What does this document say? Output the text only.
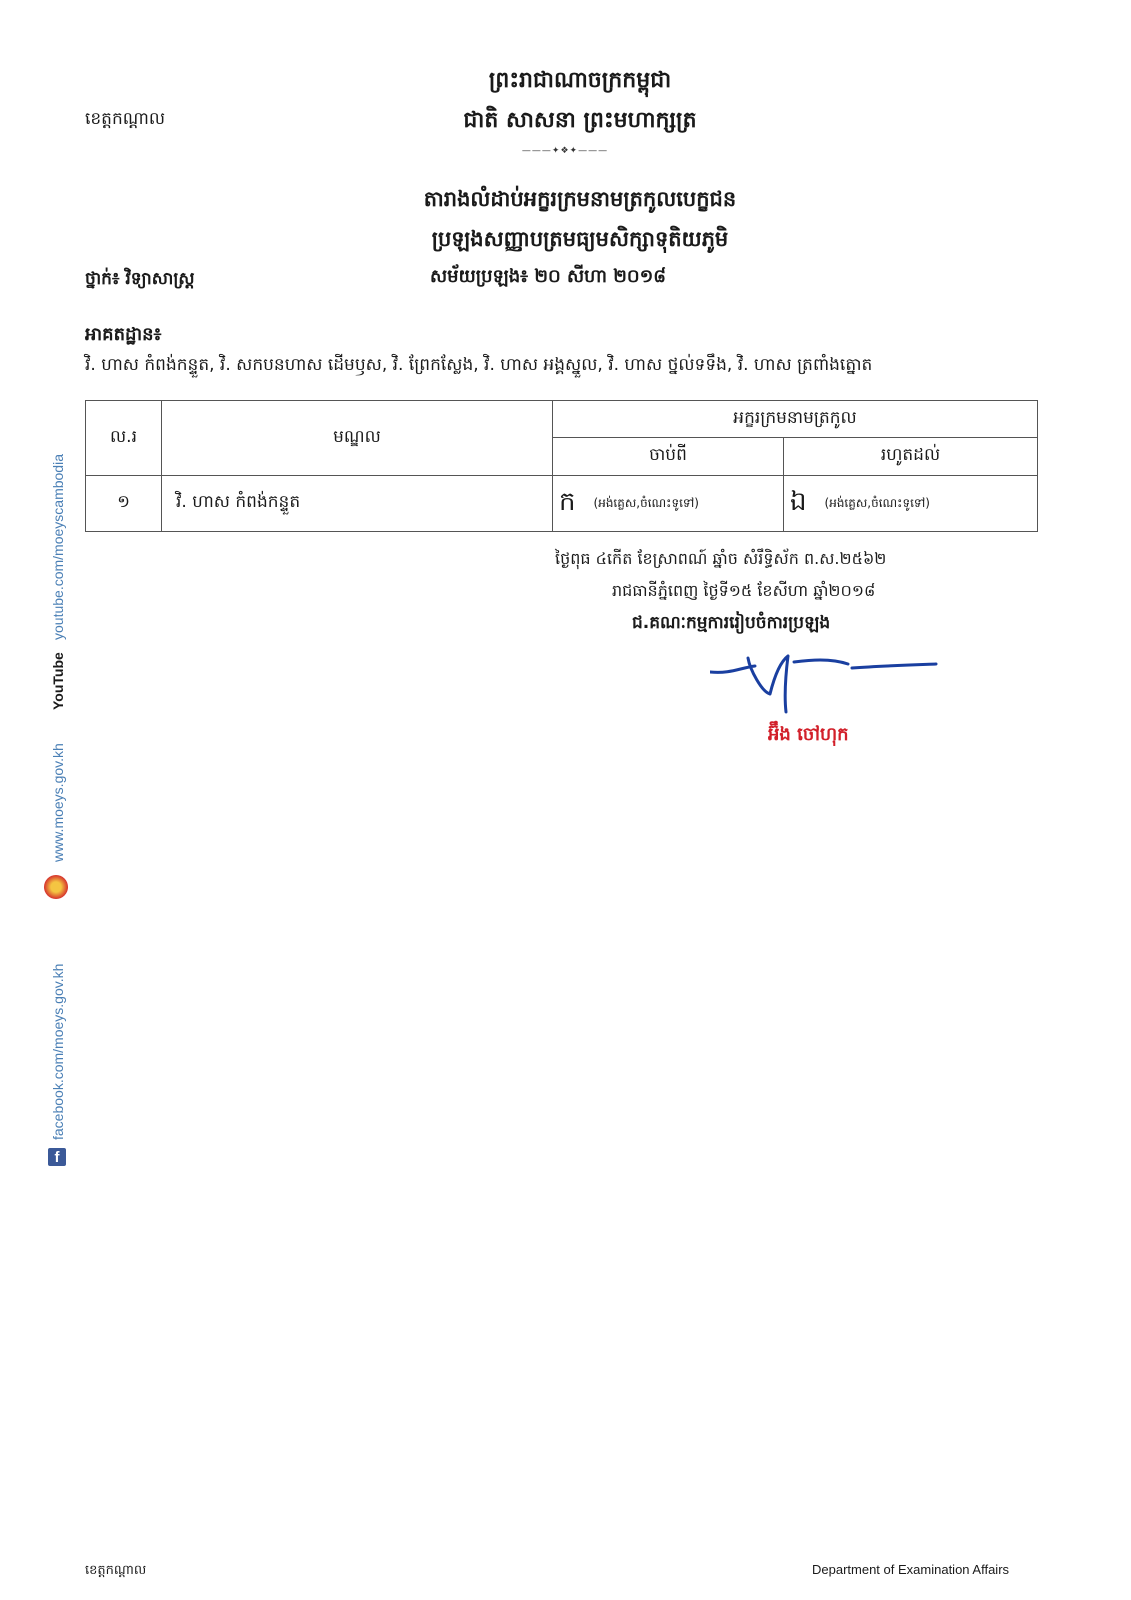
ខេត្តកណ្ដាល
ព្រះរាជាណាចក្រកម្ពុជា
ជាតិ សាសនា ព្រះមហាក្សត្រ
———✦❖✦———
តារាងលំដាប់អក្ខរក្រមនាមត្រកូលបេក្ខជន
ប្រឡងសញ្ញាបត្រមធ្យមសិក្សាទុតិយភូមិ
ថ្នាក់៖ វិទ្យាសាស្ត្រ	សម័យប្រឡង៖ ២០ សីហា ២០១៨
អាគតដ្ឋាន៖
វិ. ហាស កំពង់កន្ទួត, វិ. សកបនហាស ដើមឫស, វិ. ព្រែកស្លែង, វិ. ហាស អង្គស្នួល, វិ. ហាស ថ្នល់ទទឹង, វិ. ហាស ត្រពាំងត្នោត
ល.រ	មណ្ឌល	អក្ខរក្រមនាមត្រកូល	
		ចាប់ពី	រហូតដល់
១	វិ. ហាស កំពង់កន្ទួត	ក (អង់គ្លេស,ចំណេះទូទៅ)	ឯ (អង់គ្លេស,ចំណេះទូទៅ)
ថ្ងៃពុធ ៤កើត ខែស្រាពណ៍ ឆ្នាំច សំរឹទ្ធិស័ក ព.ស.២៥៦២
រាជធានីភ្នំពេញ ថ្ងៃទី១៥ ខែសីហា ឆ្នាំ២០១៨
ជ.គណៈកម្មការរៀបចំការប្រឡង
អ៊ឹង ចៅហុក
f
facebook.com/moeys.gov.kh
www.moeys.gov.kh
YouTube
youtube.com/moeyscambodia
ខេត្តកណ្ដាល	Department of Examination Affairs
